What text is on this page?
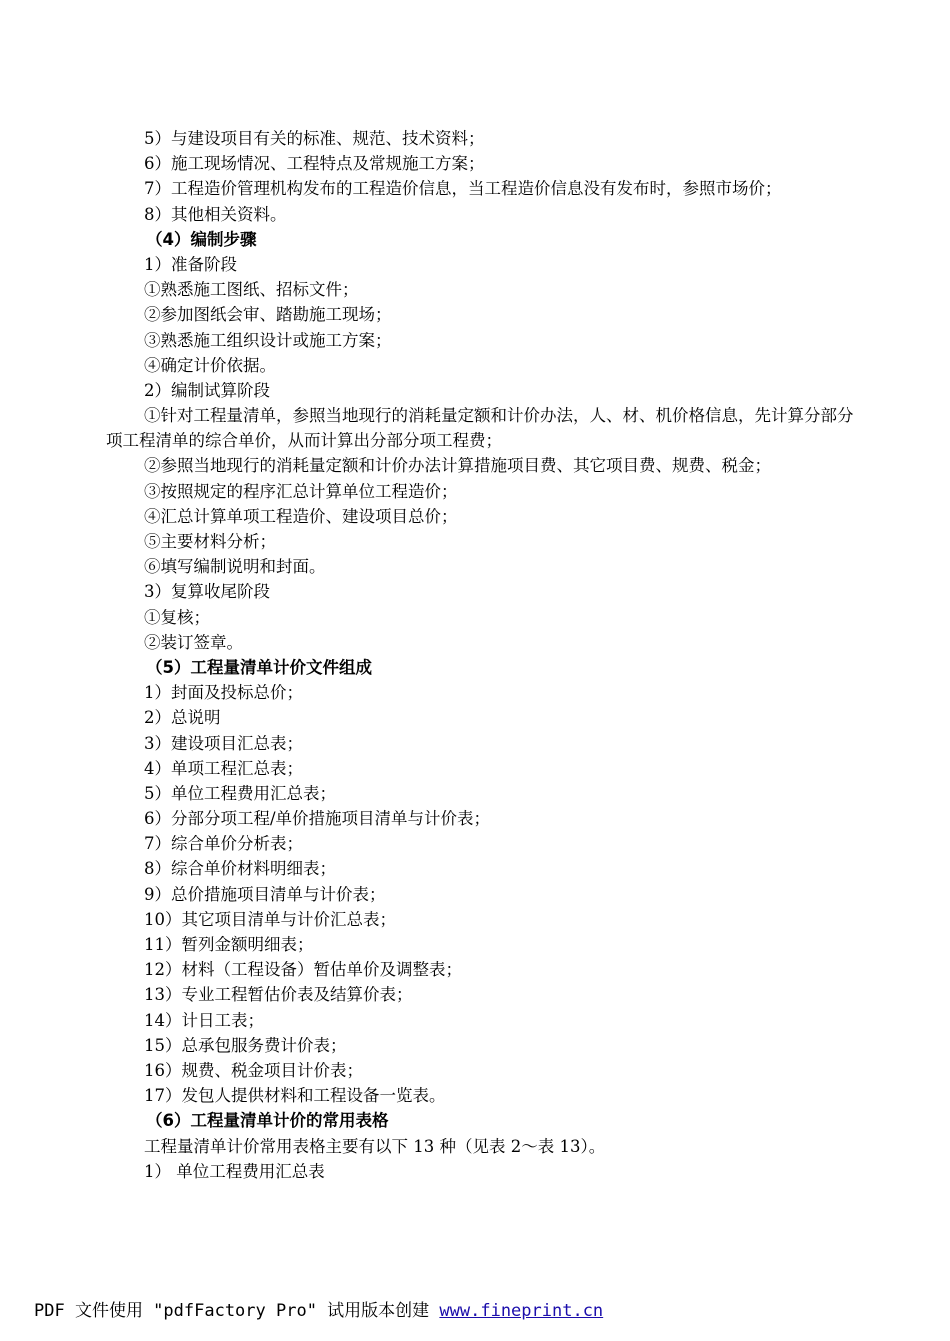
5）与建设项目有关的标准、规范、技术资料；
6）施工现场情况、工程特点及常规施工方案；
7）工程造价管理机构发布的工程造价信息，当工程造价信息没有发布时，参照市场价；
8）其他相关资料。
（4）编制步骤
1）准备阶段
①熟悉施工图纸、招标文件；
②参加图纸会审、踏勘施工现场；
③熟悉施工组织设计或施工方案；
④确定计价依据。
2）编制试算阶段
①针对工程量清单，参照当地现行的消耗量定额和计价办法，人、材、机价格信息，先计算分部分项工程清单的综合单价，从而计算出分部分项工程费；
②参照当地现行的消耗量定额和计价办法计算措施项目费、其它项目费、规费、税金；
③按照规定的程序汇总计算单位工程造价；
④汇总计算单项工程造价、建设项目总价；
⑤主要材料分析；
⑥填写编制说明和封面。
3）复算收尾阶段
①复核；
②装订签章。
（5）工程量清单计价文件组成
1）封面及投标总价；
2）总说明
3）建设项目汇总表；
4）单项工程汇总表；
5）单位工程费用汇总表；
6）分部分项工程/单价措施项目清单与计价表；
7）综合单价分析表；
8）综合单价材料明细表；
9）总价措施项目清单与计价表；
10）其它项目清单与计价汇总表；
11）暂列金额明细表；
12）材料（工程设备）暂估单价及调整表；
13）专业工程暂估价表及结算价表；
14）计日工表；
15）总承包服务费计价表；
16）规费、税金项目计价表；
17）发包人提供材料和工程设备一览表。
（6）工程量清单计价的常用表格
工程量清单计价常用表格主要有以下 13 种（见表 2～表 13）。
1） 单位工程费用汇总表
PDF 文件使用 "pdfFactory Pro" 试用版本创建 www.fineprint.cn
